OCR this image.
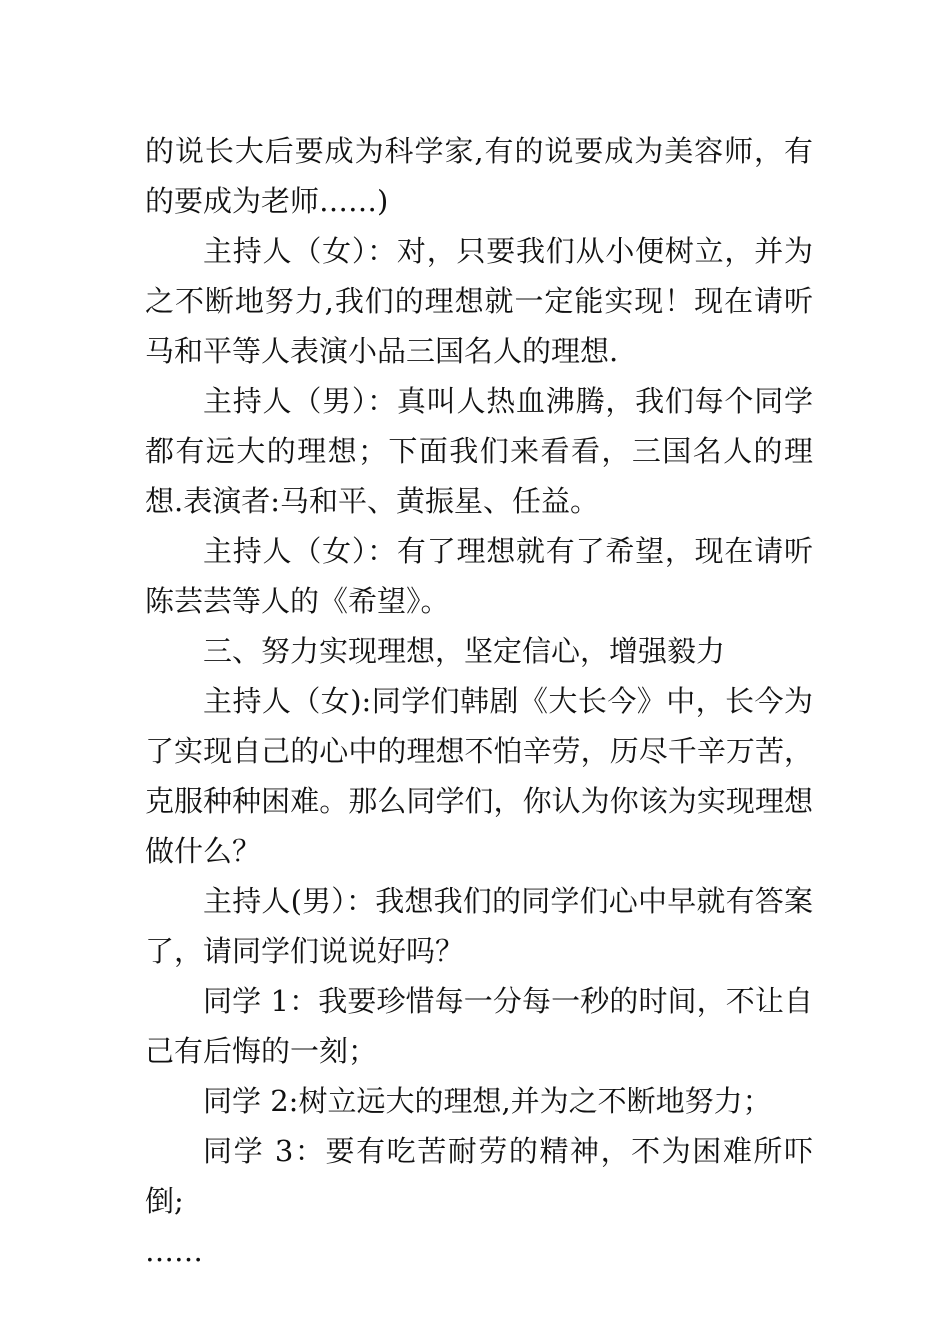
的说长大后要成为科学家,有的说要成为美容师，有的要成为老师……)

主持人（女）：对，只要我们从小便树立，并为之不断地努力,我们的理想就一定能实现！现在请听马和平等人表演小品三国名人的理想.

主持人（男）：真叫人热血沸腾，我们每个同学都有远大的理想；下面我们来看看，三国名人的理想.表演者:马和平、黄振星、任益。

主持人（女）：有了理想就有了希望，现在请听陈芸芸等人的《希望》。

三、努力实现理想，坚定信心，增强毅力

主持人（女):同学们韩剧《大长今》中，长今为了实现自己的心中的理想不怕辛劳，历尽千辛万苦，克服种种困难。那么同学们，你认为你该为实现理想做什么？

主持人(男）：我想我们的同学们心中早就有答案了，请同学们说说好吗？

同学 1：我要珍惜每一分每一秒的时间，不让自己有后悔的一刻；

同学 2:树立远大的理想,并为之不断地努力；

同学 3：要有吃苦耐劳的精神，不为困难所吓倒;

……
